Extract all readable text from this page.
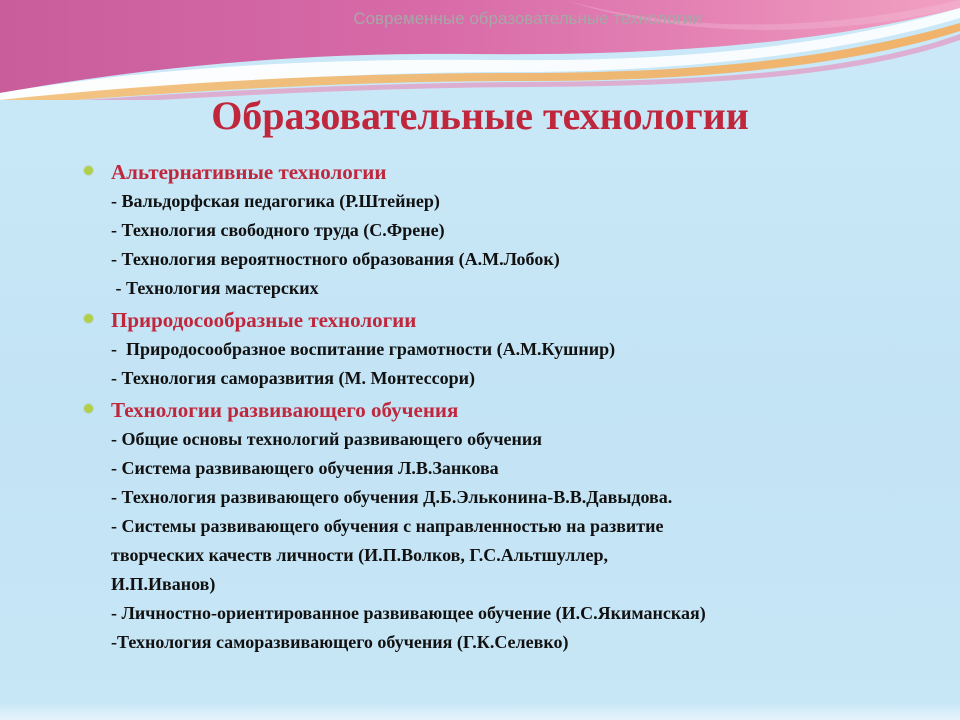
Современные образовательные технологии
Образовательные технологии
Альтернативные технологии
- Вальдорфская педагогика (Р.Штейнер)
- Технология свободного труда (С.Френе)
- Технология вероятностного образования (А.М.Лобок)
- Технология мастерских
Природосообразные технологии
-  Природосообразное воспитание грамотности (А.М.Кушнир)
- Технология саморазвития (М. Монтессори)
Технологии развивающего обучения
- Общие основы технологий развивающего обучения
- Система развивающего обучения Л.В.Занкова
- Технология развивающего обучения Д.Б.Эльконина-В.В.Давыдова.
- Системы развивающего обучения с направленностью на развитие
творческих качеств личности (И.П.Волков, Г.С.Альтшуллер,
И.П.Иванов)
- Личностно-ориентированное развивающее обучение (И.С.Якиманская)
-Технология саморазвивающего обучения (Г.К.Селевко)
